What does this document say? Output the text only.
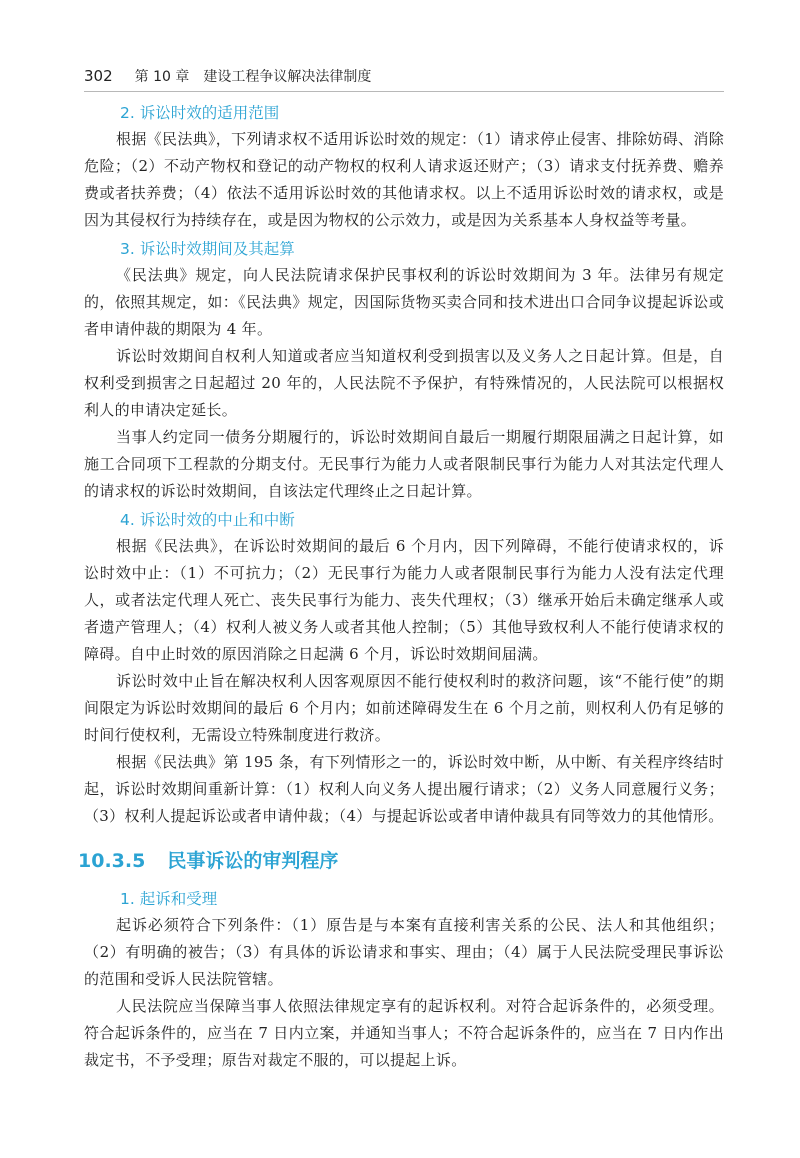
302 第 10 章 建设工程争议解决法律制度
2. 诉讼时效的适用范围

根据《民法典》，下列请求权不适用诉讼时效的规定：（1）请求停止侵害、排除妨碍、消除危险；（2）不动产物权和登记的动产物权的权利人请求返还财产；（3）请求支付抚养费、赡养费或者扶养费；（4）依法不适用诉讼时效的其他请求权。以上不适用诉讼时效的请求权，或是因为其侵权行为持续存在，或是因为物权的公示效力，或是因为关系基本人身权益等考量。

3. 诉讼时效期间及其起算

《民法典》规定，向人民法院请求保护民事权利的诉讼时效期间为 3 年。法律另有规定的，依照其规定，如：《民法典》规定，因国际货物买卖合同和技术进出口合同争议提起诉讼或者申请仲裁的期限为 4 年。

诉讼时效期间自权利人知道或者应当知道权利受到损害以及义务人之日起计算。但是，自权利受到损害之日起超过 20 年的，人民法院不予保护，有特殊情况的，人民法院可以根据权利人的申请决定延长。

当事人约定同一债务分期履行的，诉讼时效期间自最后一期履行期限届满之日起计算，如施工合同项下工程款的分期支付。无民事行为能力人或者限制民事行为能力人对其法定代理人的请求权的诉讼时效期间，自该法定代理终止之日起计算。

4. 诉讼时效的中止和中断

根据《民法典》，在诉讼时效期间的最后 6 个月内，因下列障碍，不能行使请求权的，诉讼时效中止：（1）不可抗力；（2）无民事行为能力人或者限制民事行为能力人没有法定代理人，或者法定代理人死亡、丧失民事行为能力、丧失代理权；（3）继承开始后未确定继承人或者遗产管理人；（4）权利人被义务人或者其他人控制；（5）其他导致权利人不能行使请求权的障碍。自中止时效的原因消除之日起满 6 个月，诉讼时效期间届满。

诉讼时效中止旨在解决权利人因客观原因不能行使权利时的救济问题，该“不能行使”的期间限定为诉讼时效期间的最后 6 个月内；如前述障碍发生在 6 个月之前，则权利人仍有足够的时间行使权利，无需设立特殊制度进行救济。

根据《民法典》第 195 条，有下列情形之一的，诉讼时效中断，从中断、有关程序终结时起，诉讼时效期间重新计算：（1）权利人向义务人提出履行请求；（2）义务人同意履行义务；（3）权利人提起诉讼或者申请仲裁；（4）与提起诉讼或者申请仲裁具有同等效力的其他情形。

10.3.5 民事诉讼的审判程序
1. 起诉和受理

起诉必须符合下列条件：（1）原告是与本案有直接利害关系的公民、法人和其他组织；（2）有明确的被告；（3）有具体的诉讼请求和事实、理由；（4）属于人民法院受理民事诉讼的范围和受诉人民法院管辖。

人民法院应当保障当事人依照法律规定享有的起诉权利。对符合起诉条件的，必须受理。符合起诉条件的，应当在 7 日内立案，并通知当事人；不符合起诉条件的，应当在 7 日内作出裁定书，不予受理；原告对裁定不服的，可以提起上诉。
